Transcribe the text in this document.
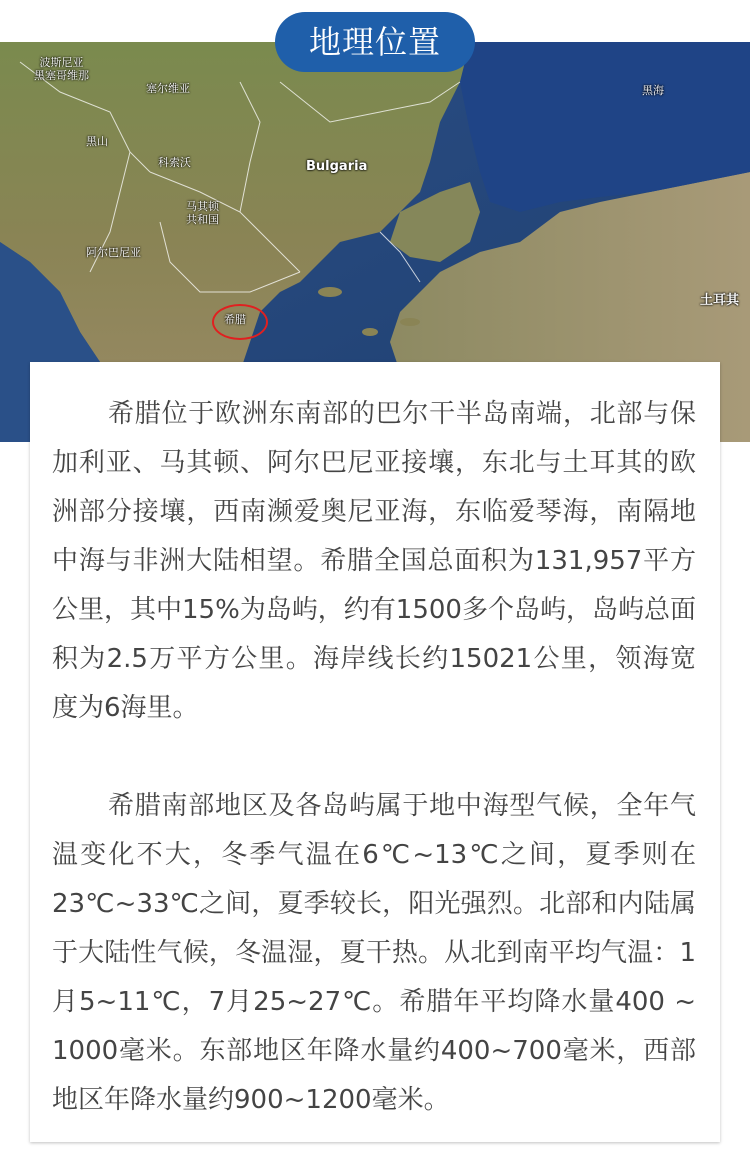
波斯尼亚
黑塞哥维那
塞尔维亚
黑山
科索沃
马其顿
共和国
阿尔巴尼亚
Bulgaria
黑海
土耳其
希腊
地理位置

希腊位于欧洲东南部的巴尔干半岛南端，北部与保加利亚、马其顿、阿尔巴尼亚接壤，东北与土耳其的欧洲部分接壤，西南濒爱奥尼亚海，东临爱琴海，南隔地中海与非洲大陆相望。希腊全国总面积为131,957平方公里，其中15%为岛屿，约有1500多个岛屿，岛屿总面积为2.5万平方公里。海岸线长约15021公里，领海宽度为6海里。

希腊南部地区及各岛屿属于地中海型气候，全年气温变化不大，冬季气温在6℃~13℃之间，夏季则在23℃~33℃之间，夏季较长，阳光强烈。北部和内陆属于大陆性气候，冬温湿，夏干热。从北到南平均气温：1月5~11℃，7月25~27℃。希腊年平均降水量400 ~ 1000毫米。东部地区年降水量约400~700毫米，西部地区年降水量约900~1200毫米。
